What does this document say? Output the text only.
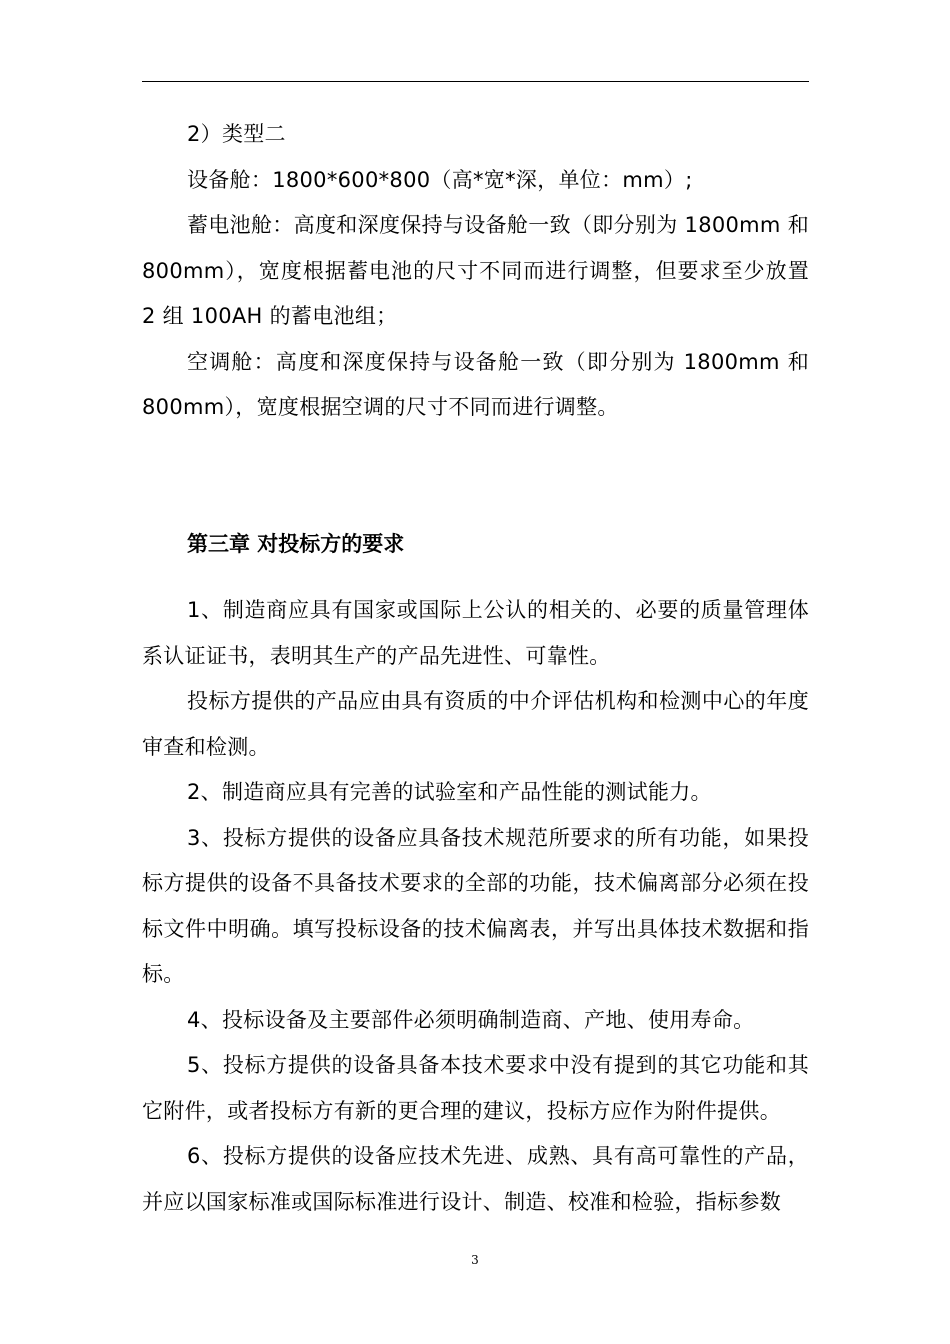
2）类型二

设备舱：1800*600*800（高*宽*深，单位：mm）;

蓄电池舱：高度和深度保持与设备舱一致（即分别为 1800mm 和 800mm），宽度根据蓄电池的尺寸不同而进行调整，但要求至少放置 2 组 100AH 的蓄电池组；

空调舱：高度和深度保持与设备舱一致（即分别为 1800mm 和 800mm），宽度根据空调的尺寸不同而进行调整。

第三章 对投标方的要求

1、制造商应具有国家或国际上公认的相关的、必要的质量管理体系认证证书，表明其生产的产品先进性、可靠性。

投标方提供的产品应由具有资质的中介评估机构和检测中心的年度审查和检测。

2、制造商应具有完善的试验室和产品性能的测试能力。

3、投标方提供的设备应具备技术规范所要求的所有功能，如果投标方提供的设备不具备技术要求的全部的功能，技术偏离部分必须在投标文件中明确。填写投标设备的技术偏离表，并写出具体技术数据和指标。

4、投标设备及主要部件必须明确制造商、产地、使用寿命。

5、投标方提供的设备具备本技术要求中没有提到的其它功能和其它附件，或者投标方有新的更合理的建议，投标方应作为附件提供。

6、投标方提供的设备应技术先进、成熟、具有高可靠性的产品，并应以国家标准或国际标准进行设计、制造、校准和检验，指标参数

3
